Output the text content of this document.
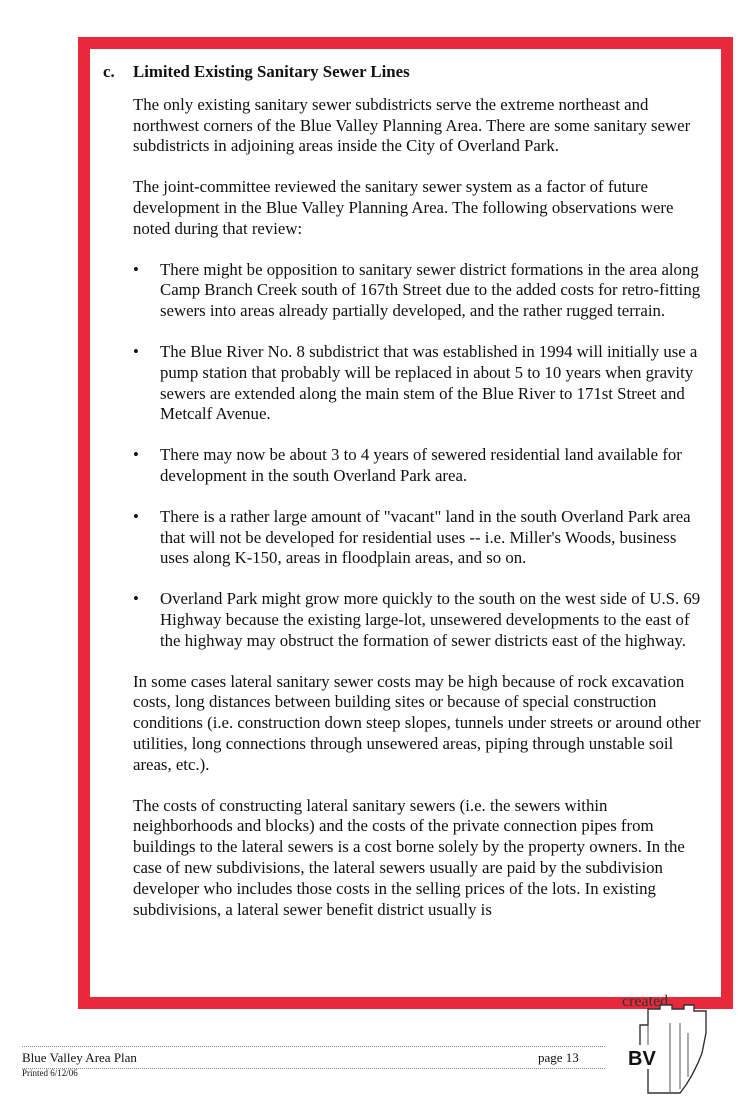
c.	Limited Existing Sanitary Sewer Lines

The only existing sanitary sewer subdistricts serve the extreme northeast and northwest corners of the Blue Valley Planning Area. There are some sanitary sewer subdistricts in adjoining areas inside the City of Overland Park.

The joint-committee reviewed the sanitary sewer system as a factor of future development in the Blue Valley Planning Area. The following observations were noted during that review:

•	There might be opposition to sanitary sewer district formations in the area along Camp Branch Creek south of 167th Street due to the added costs for retro-fitting sewers into areas already partially developed, and the rather rugged terrain.
•	The Blue River No. 8 subdistrict that was established in 1994 will initially use a pump station that probably will be replaced in about 5 to 10 years when gravity sewers are extended along the main stem of the Blue River to 171st Street and Metcalf Avenue.
•	There may now be about 3 to 4 years of sewered residential land available for development in the south Overland Park area.
•	There is a rather large amount of "vacant" land in the south Overland Park area that will not be developed for residential uses -- i.e. Miller's Woods, business uses along K-150, areas in floodplain areas, and so on.
•	Overland Park might grow more quickly to the south on the west side of U.S. 69 Highway because the existing large-lot, unsewered developments to the east of the highway may obstruct the formation of sewer districts east of the highway.

In some cases lateral sanitary sewer costs may be high because of rock excavation costs, long distances between building sites or because of special construction conditions (i.e. construction down steep slopes, tunnels under streets or around other utilities, long connections through unsewered areas, piping through unstable soil areas, etc.).

The costs of constructing lateral sanitary sewers (i.e. the sewers within neighborhoods and blocks) and the costs of the private connection pipes from buildings to the lateral sewers is a cost borne solely by the property owners. In the case of new subdivisions, the lateral sewers usually are paid by the subdivision developer who includes those costs in the selling prices of the lots. In existing subdivisions, a lateral sewer benefit district usually is

created.
Blue Valley Area Plan	page 13
Printed 6/12/06
BV
